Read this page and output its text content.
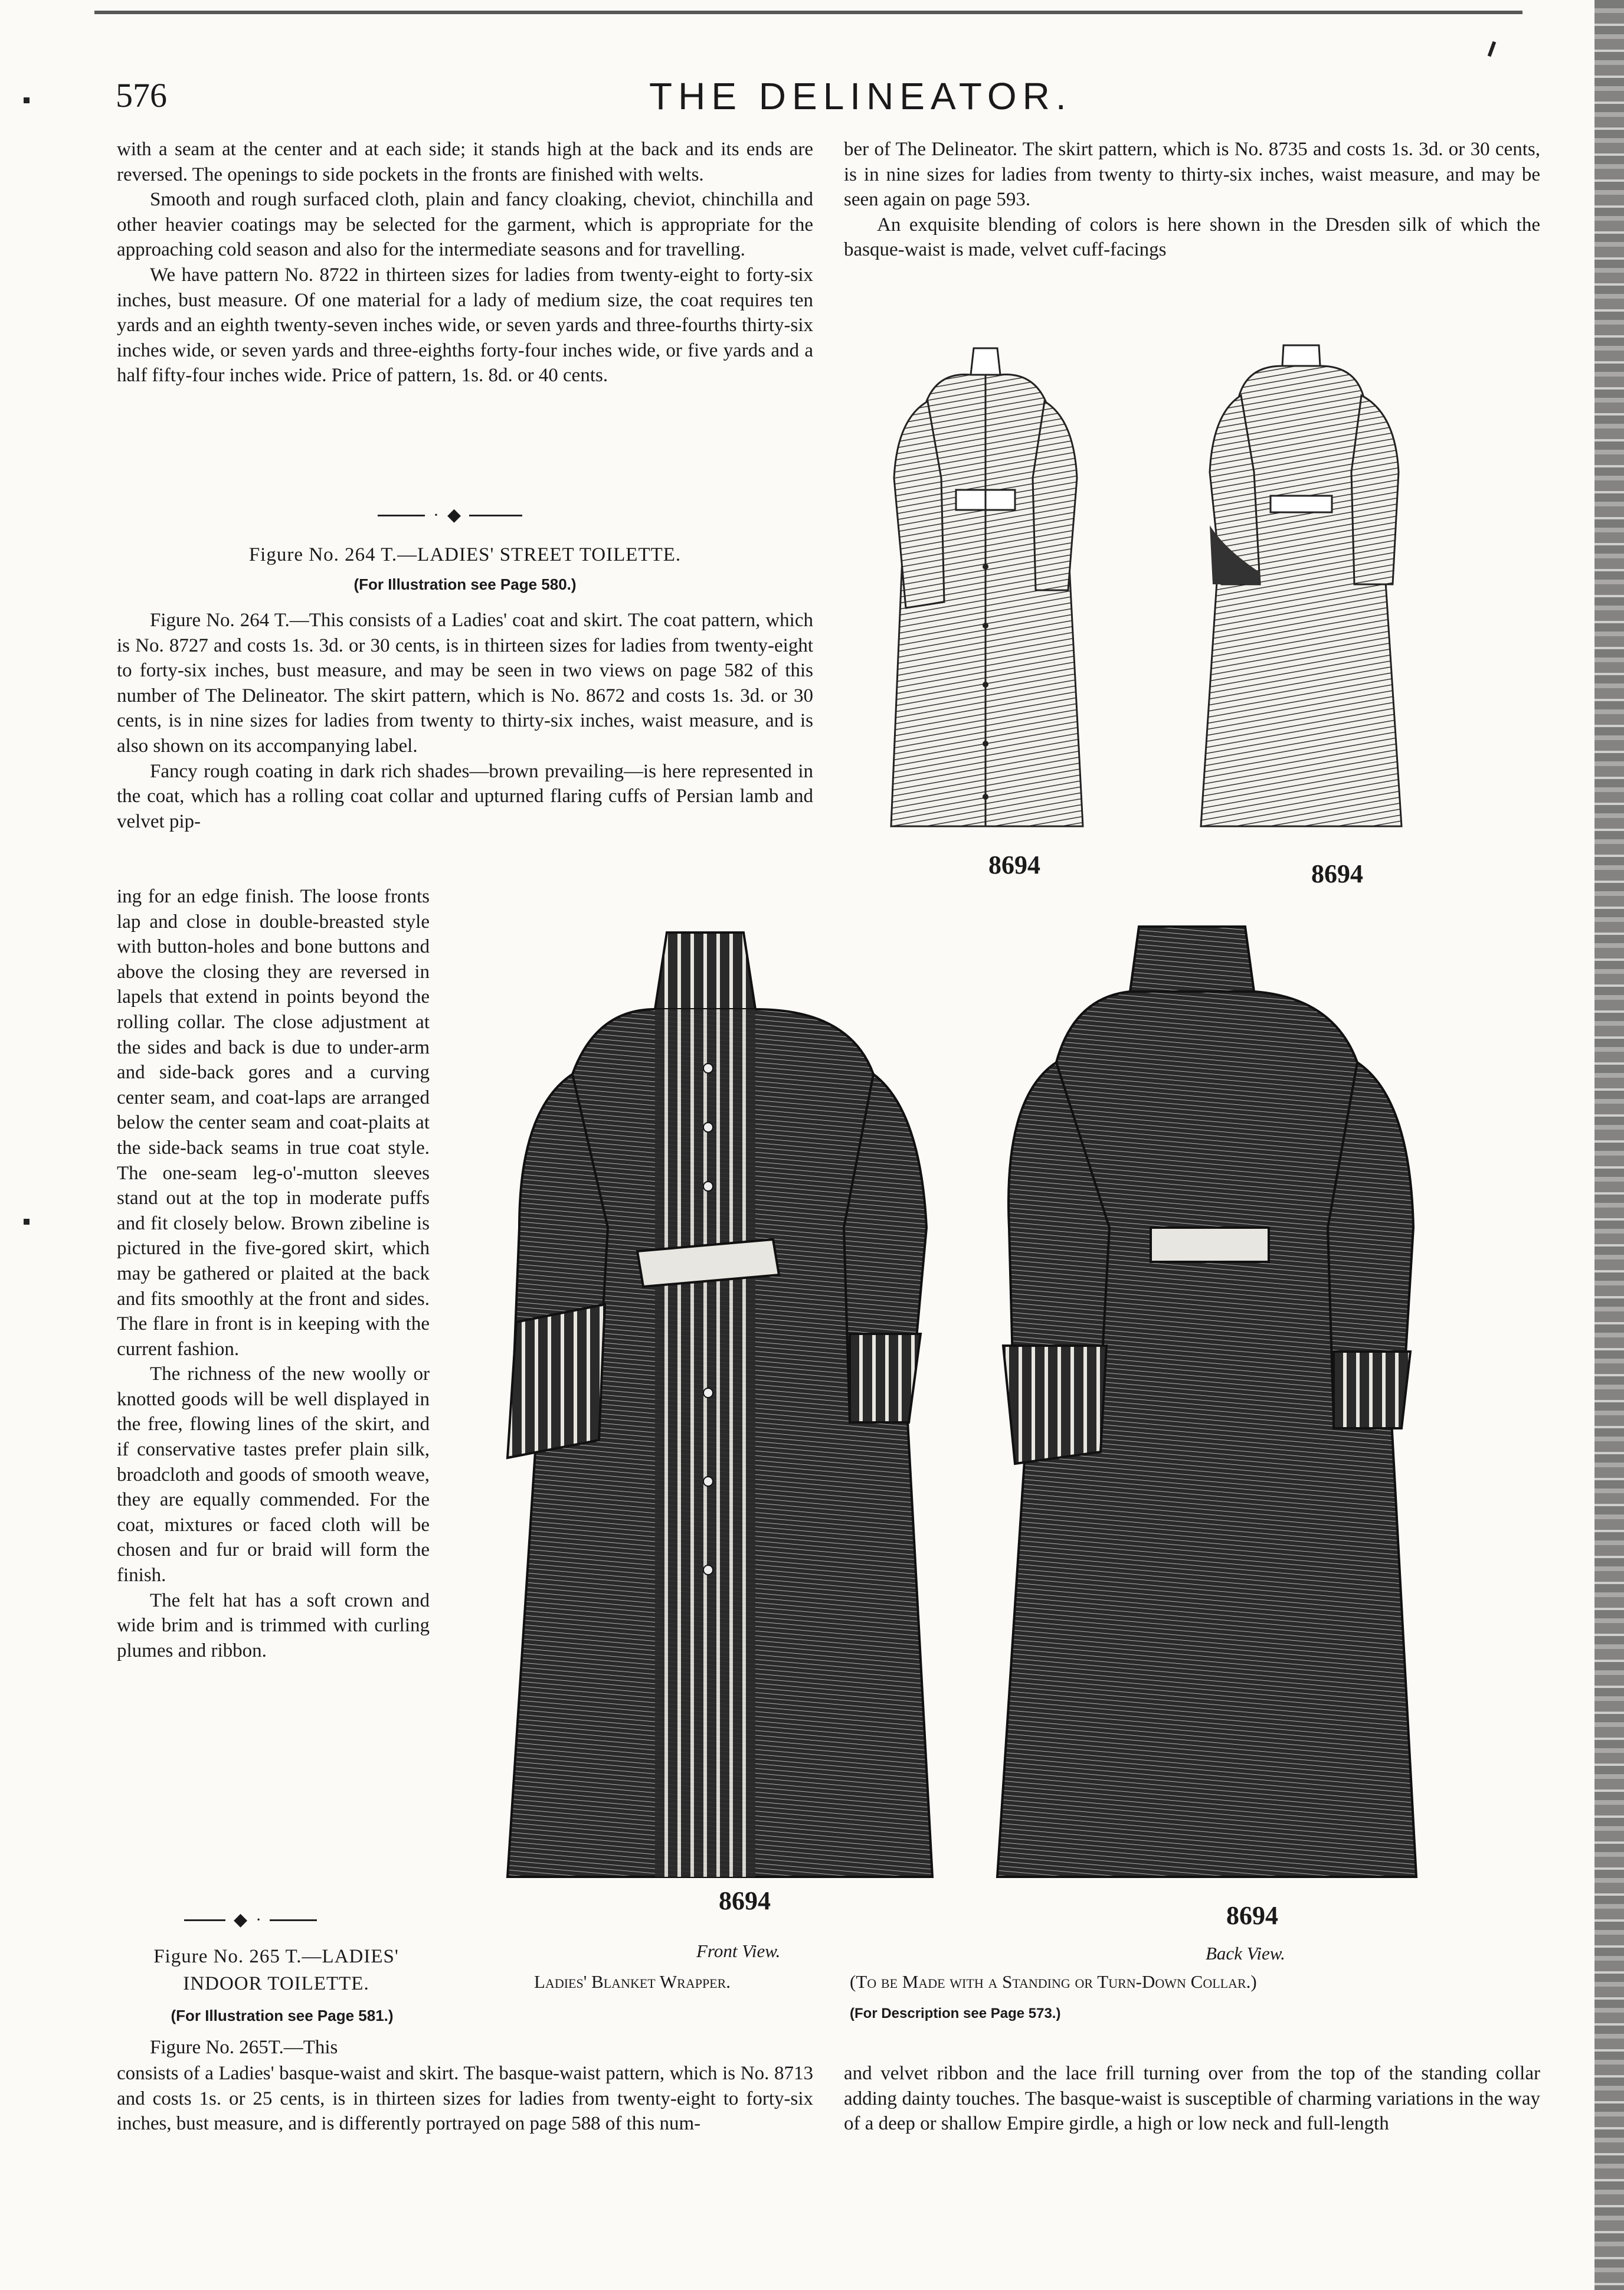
576	THE DELINEATOR.

with a seam at the center and at each side; it stands high at the back and its ends are reversed. The openings to side pockets in the fronts are finished with welts.

Smooth and rough surfaced cloth, plain and fancy cloaking, cheviot, chinchilla and other heavier coatings may be selected for the garment, which is appropriate for the approaching cold season and also for the intermediate seasons and for travelling.

We have pattern No. 8722 in thirteen sizes for ladies from twenty-eight to forty-six inches, bust measure. Of one material for a lady of medium size, the coat requires ten yards and an eighth twenty-seven inches wide, or seven yards and three-fourths thirty-six inches wide, or seven yards and three-eighths forty-four inches wide, or five yards and a half fifty-four inches wide. Price of pattern, 1s. 8d. or 40 cents.

· ◆
Figure No. 264 T.—LADIES' STREET TOILETTE.
(For Illustration see Page 580.)

Figure No. 264 T.—This consists of a Ladies' coat and skirt. The coat pattern, which is No. 8727 and costs 1s. 3d. or 30 cents, is in thirteen sizes for ladies from twenty-eight to forty-six inches, bust measure, and may be seen in two views on page 582 of this number of The Delineator. The skirt pattern, which is No. 8672 and costs 1s. 3d. or 30 cents, is in nine sizes for ladies from twenty to thirty-six inches, waist measure, and is also shown on its accompanying label.

Fancy rough coating in dark rich shades—brown prevailing—is here represented in the coat, which has a rolling coat collar and upturned flaring cuffs of Persian lamb and velvet pip-

ing for an edge finish. The loose fronts lap and close in double-breasted style with button-holes and bone buttons and above the closing they are reversed in lapels that extend in points beyond the rolling collar. The close adjustment at the sides and back is due to under-arm and side-back gores and a curving center seam, and coat-laps are arranged below the center seam and coat-plaits at the side-back seams in true coat style. The one-seam leg-o'-mutton sleeves stand out at the top in moderate puffs and fit closely below. Brown zibeline is pictured in the five-gored skirt, which may be gathered or plaited at the back and fits smoothly at the front and sides. The flare in front is in keeping with the current fashion.

The richness of the new woolly or knotted goods will be well displayed in the free, flowing lines of the skirt, and if conservative tastes prefer plain silk, broadcloth and goods of smooth weave, they are equally commended. For the coat, mixtures or faced cloth will be chosen and fur or braid will form the finish.

The felt hat has a soft crown and wide brim and is trimmed with curling plumes and ribbon.

◆ ·
Figure No. 265 T.—LADIES'
INDOOR TOILETTE.
(For Illustration see Page 581.)

Figure No. 265T.—This

consists of a Ladies' basque-waist and skirt. The basque-waist pattern, which is No. 8713 and costs 1s. or 25 cents, is in thirteen sizes for ladies from twenty-eight to forty-six inches, bust measure, and is differently portrayed on page 588 of this num-

ber of The Delineator. The skirt pattern, which is No. 8735 and costs 1s. 3d. or 30 cents, is in nine sizes for ladies from twenty to thirty-six inches, waist measure, and may be seen again on page 593.

An exquisite blending of colors is here shown in the Dresden silk of which the basque-waist is made, velvet cuff-facings

and velvet ribbon and the lace frill turning over from the top of the standing collar adding dainty touches. The basque-waist is susceptible of charming variations in the way of a deep or shallow Empire girdle, a high or low neck and full-length

8694	8694
8694
8694
Front View.	Back View.
Ladies' Blanket Wrapper.	(To be Made with a Standing or Turn-Down Collar.)
(For Description see Page 573.)
